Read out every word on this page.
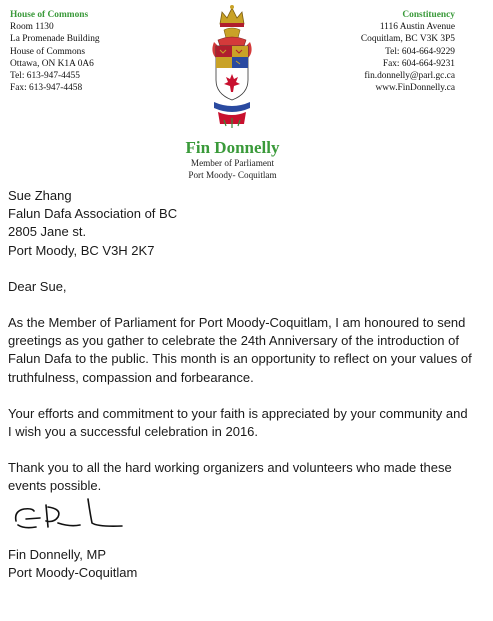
House of Commons
Room 1130
La Promenade Building
House of Commons
Ottawa, ON K1A 0A6
Tel: 613-947-4455
Fax: 613-947-4458
Constituency
1116 Austin Avenue
Coquitlam, BC V3K 3P5
Tel: 604-664-9229
Fax: 604-664-9231
fin.donnelly@parl.gc.ca
www.FinDonnelly.ca
Fin Donnelly
Member of Parliament
Port Moody- Coquitlam

Sue Zhang

Falun Dafa Association of BC

2805 Jane st.

Port Moody, BC V3H 2K7

Dear Sue,

As the Member of Parliament for Port Moody-Coquitlam, I am honoured to send

greetings as you gather to celebrate the 24th Anniversary of the introduction of

Falun Dafa to the public. This month is an opportunity to reflect on your values of

truthfulness, compassion and forbearance.

Your efforts and commitment to your faith is appreciated by your community and

I wish you a successful celebration in 2016.

Thank you to all the hard working organizers and volunteers who made these

events possible.

Fin Donnelly, MP
Port Moody-Coquitlam
